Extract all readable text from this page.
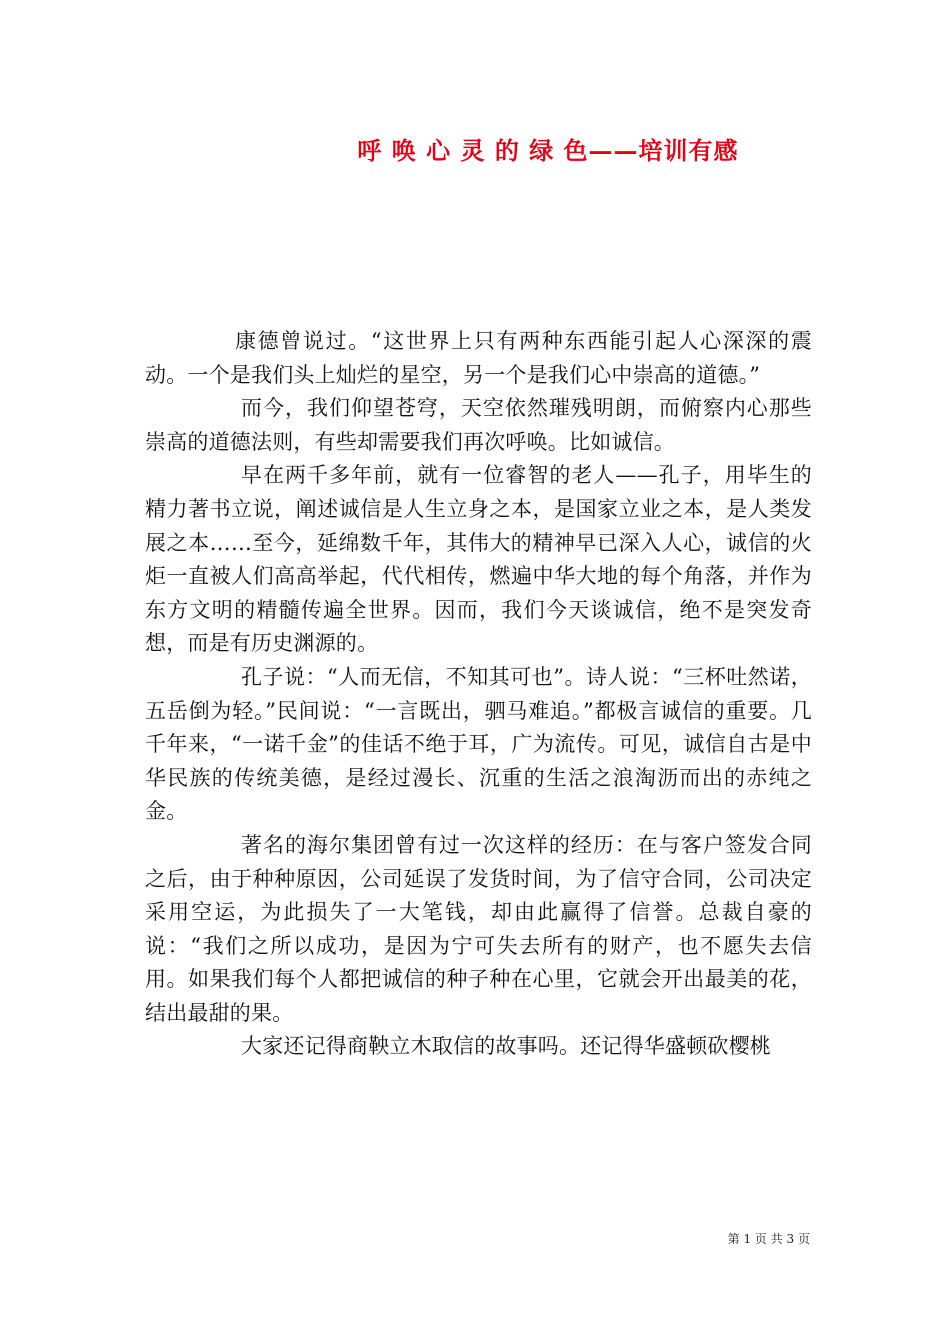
呼 唤 心 灵 的 绿 色——培训有感

康德曾说过。“这世界上只有两种东西能引起人心深深的震动。一个是我们头上灿烂的星空，另一个是我们心中崇高的道德。”

而今，我们仰望苍穹，天空依然璀残明朗，而俯察内心那些崇高的道德法则，有些却需要我们再次呼唤。比如诚信。

早在两千多年前，就有一位睿智的老人——孔子，用毕生的精力著书立说，阐述诚信是人生立身之本，是国家立业之本，是人类发展之本……至今，延绵数千年，其伟大的精神早已深入人心，诚信的火炬一直被人们高高举起，代代相传，燃遍中华大地的每个角落，并作为东方文明的精髓传遍全世界。因而，我们今天谈诚信，绝不是突发奇想，而是有历史渊源的。

孔子说：“人而无信，不知其可也”。诗人说：“三杯吐然诺，五岳倒为轻。”民间说：“一言既出，驷马难追。”都极言诚信的重要。几千年来，“一诺千金”的佳话不绝于耳，广为流传。可见，诚信自古是中华民族的传统美德，是经过漫长、沉重的生活之浪淘沥而出的赤纯之金。

著名的海尔集团曾有过一次这样的经历：在与客户签发合同之后，由于种种原因，公司延误了发货时间，为了信守合同，公司决定采用空运，为此损失了一大笔钱，却由此赢得了信誉。总裁自豪的说：“我们之所以成功，是因为宁可失去所有的财产，也不愿失去信用。如果我们每个人都把诚信的种子种在心里，它就会开出最美的花，结出最甜的果。

大家还记得商鞅立木取信的故事吗。还记得华盛顿砍樱桃

第 1 页 共 3 页
